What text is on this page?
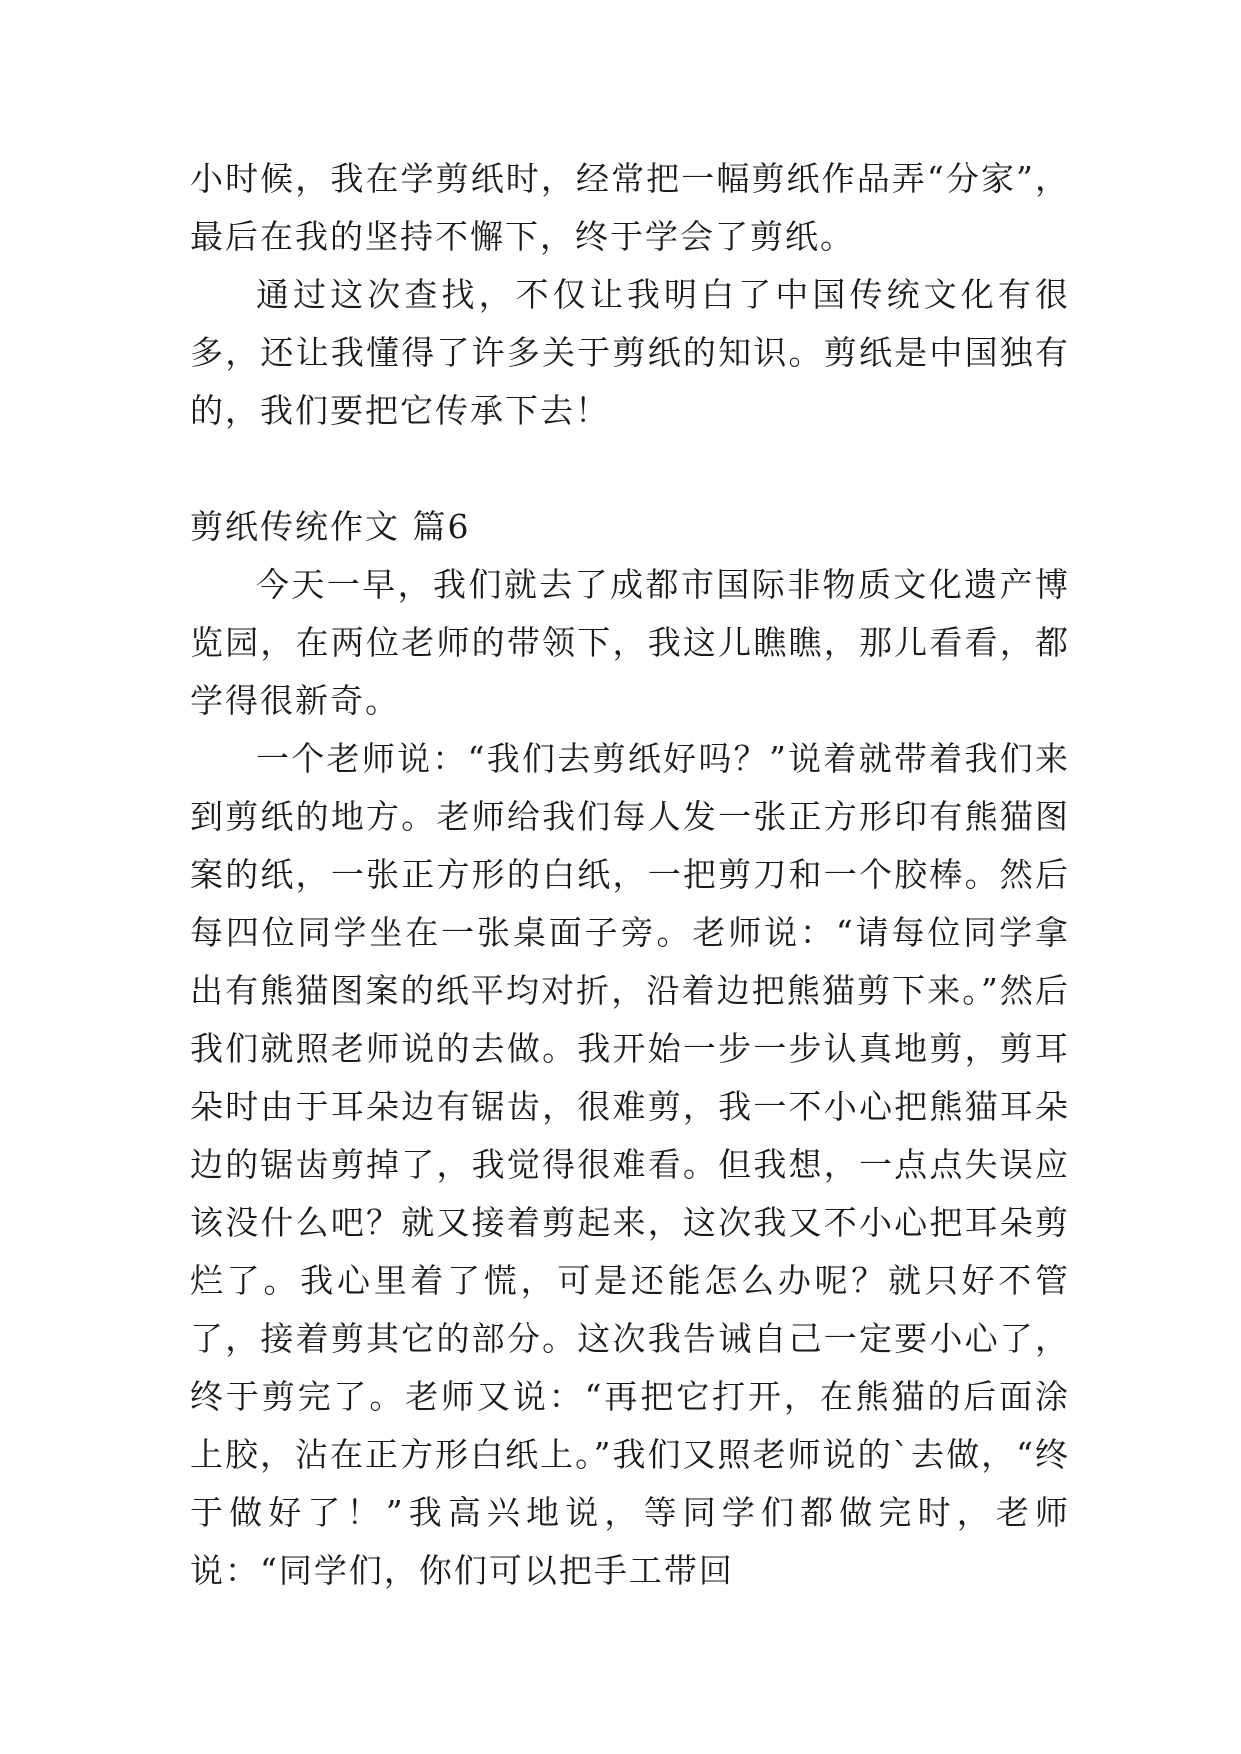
小时候，我在学剪纸时，经常把一幅剪纸作品弄“分家”，最后在我的坚持不懈下，终于学会了剪纸。

通过这次查找，不仅让我明白了中国传统文化有很多，还让我懂得了许多关于剪纸的知识。剪纸是中国独有的，我们要把它传承下去！

剪纸传统作文 篇6

今天一早，我们就去了成都市国际非物质文化遗产博览园，在两位老师的带领下，我这儿瞧瞧，那儿看看，都学得很新奇。

一个老师说：“我们去剪纸好吗？”说着就带着我们来到剪纸的地方。老师给我们每人发一张正方形印有熊猫图案的纸，一张正方形的白纸，一把剪刀和一个胶棒。然后每四位同学坐在一张桌面子旁。老师说：“请每位同学拿出有熊猫图案的纸平均对折，沿着边把熊猫剪下来。”然后我们就照老师说的去做。我开始一步一步认真地剪，剪耳朵时由于耳朵边有锯齿，很难剪，我一不小心把熊猫耳朵边的锯齿剪掉了，我觉得很难看。但我想，一点点失误应该没什么吧？就又接着剪起来，这次我又不小心把耳朵剪烂了。我心里着了慌，可是还能怎么办呢？就只好不管了，接着剪其它的部分。这次我告诫自己一定要小心了，终于剪完了。老师又说：“再把它打开，在熊猫的后面涂上胶，沾在正方形白纸上。”我们又照老师说的`去做，“终于做好了！”我高兴地说，等同学们都做完时，老师说：“同学们，你们可以把手工带回
